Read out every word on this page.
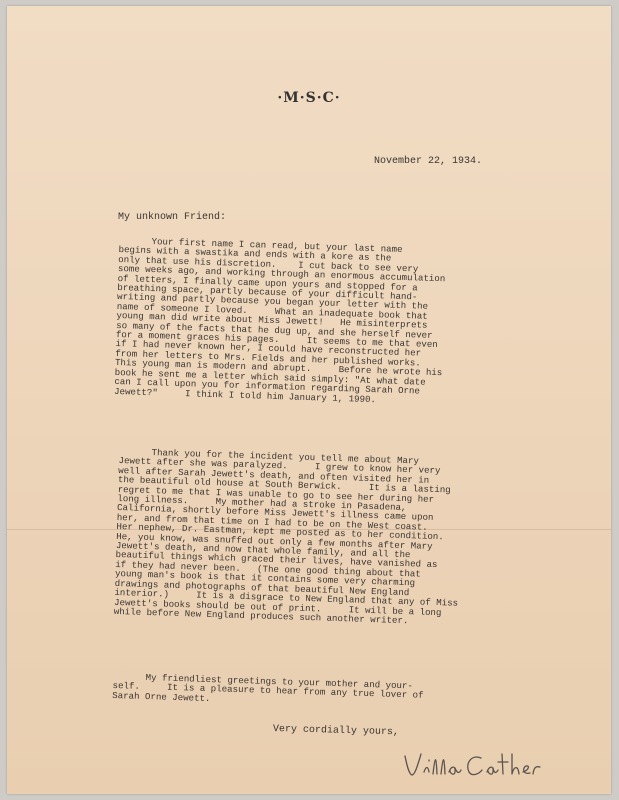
·M·S·C·
November 22, 1934.
My unknown Friend:
Your first name I can read, but your last name
begins with a swastika and ends with a kore as the
only that use his discretion.    I cut back to see very
some weeks ago, and working through an enormous accumulation
of letters, I finally came upon yours and stopped for a
breathing space, partly because of your difficult hand-
writing and partly because you began your letter with the
name of someone I loved.     What an inadequate book that
young man did write about Miss Jewett!   He misinterprets
so many of the facts that he dug up, and she herself never
for a moment graces his pages.     It seems to me that even
if I had never known her, I could have reconstructed her
from her letters to Mrs. Fields and her published works.
This young man is modern and abrupt.     Before he wrote his
book he sent me a letter which said simply: "At what date
can I call upon you for information regarding Sarah Orne
Jewett?"     I think I told him January 1, 1990.
Thank you for the incident you tell me about Mary
Jewett after she was paralyzed.     I grew to know her very
well after Sarah Jewett's death, and often visited her in
the beautiful old house at South Berwick.     It is a lasting
regret to me that I was unable to go to see her during her
long illness.     My mother had a stroke in Pasadena,
California, shortly before Miss Jewett's illness came upon
her, and from that time on I had to be on the West coast.
Her nephew, Dr. Eastman, kept me posted as to her condition.
He, you know, was snuffed out only a few months after Mary
Jewett's death, and now that whole family, and all the
beautiful things which graced their lives, have vanished as
if they had never been.   (The one good thing about that
young man's book is that it contains some very charming
drawings and photographs of that beautiful New England
interior.)     It is a disgrace to New England that any of Miss
Jewett's books should be out of print.     It will be a long
while before New England produces such another writer.
My friendliest greetings to your mother and your-
self.     It is a pleasure to hear from any true lover of
Sarah Orne Jewett.
Very cordially yours,
